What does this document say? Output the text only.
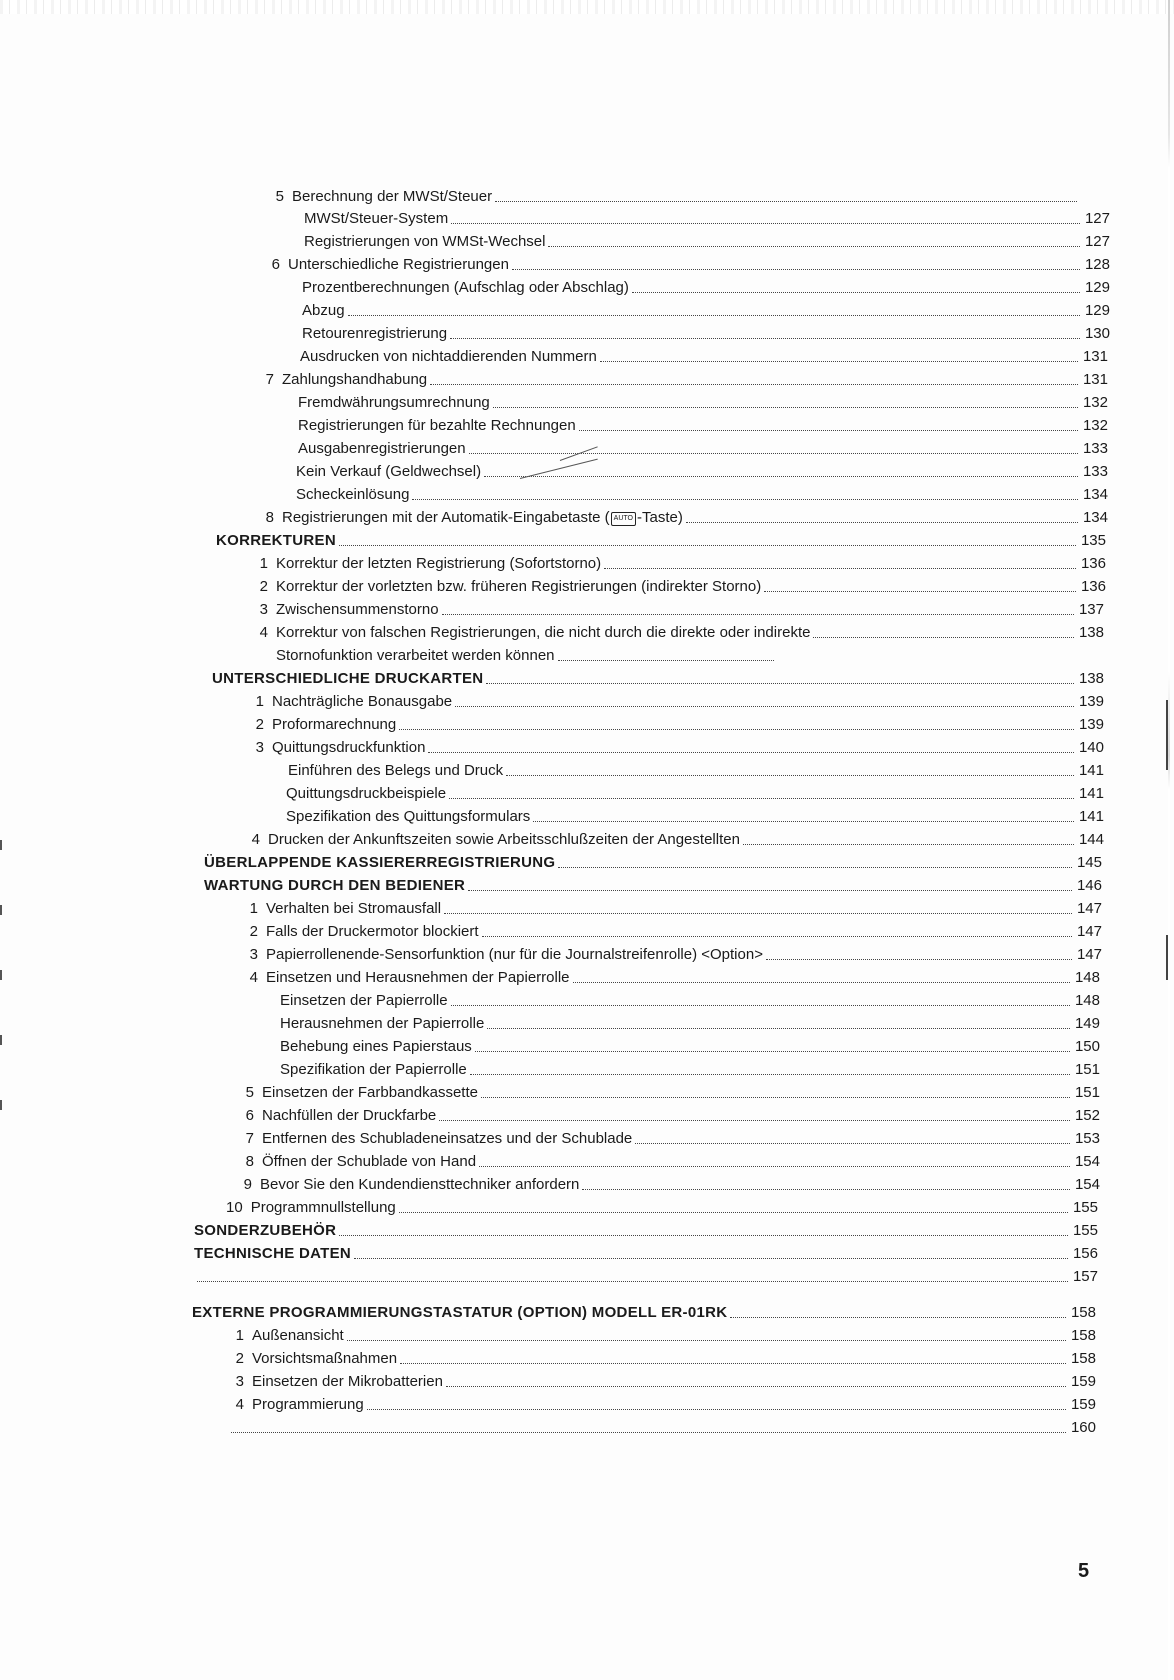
5 Berechnung der MWSt/Steuer
MWSt/Steuer-System	127
Registrierungen von WMSt-Wechsel	127
6 Unterschiedliche Registrierungen	128
Prozentberechnungen (Aufschlag oder Abschlag)	129
Abzug	129
Retourenregistrierung	130
Ausdrucken von nichtaddierenden Nummern	131
7 Zahlungshandhabung	131
Fremdwährungsumrechnung	132
Registrierungen für bezahlte Rechnungen	132
Ausgabenregistrierungen	133
Kein Verkauf (Geldwechsel)	133
Scheckeinlösung	134
8 Registrierungen mit der Automatik-Eingabetaste ( AUTO -Taste)	134
KORREKTUREN	135
1 Korrektur der letzten Registrierung (Sofortstorno)	136
2 Korrektur der vorletzten bzw. früheren Registrierungen (indirekter Storno)	136
3 Zwischensummenstorno	137
4 Korrektur von falschen Registrierungen, die nicht durch die direkte oder indirekte	138
Stornofunktion verarbeitet werden können
UNTERSCHIEDLICHE DRUCKARTEN	138
1 Nachträgliche Bonausgabe	139
2 Proformarechnung	139
3 Quittungsdruckfunktion	140
Einführen des Belegs und Druck	141
Quittungsdruckbeispiele	141
Spezifikation des Quittungsformulars	141
4 Drucken der Ankunftszeiten sowie Arbeitsschlußzeiten der Angestellten	144
ÜBERLAPPENDE KASSIERERREGISTRIERUNG	145
WARTUNG DURCH DEN BEDIENER	146
1 Verhalten bei Stromausfall	147
2 Falls der Druckermotor blockiert	147
3 Papierrollenende-Sensorfunktion (nur für die Journalstreifenrolle) <Option>	147
4 Einsetzen und Herausnehmen der Papierrolle	148
Einsetzen der Papierrolle	148
Herausnehmen der Papierrolle	149
Behebung eines Papierstaus	150
Spezifikation der Papierrolle	151
5 Einsetzen der Farbbandkassette	151
6 Nachfüllen der Druckfarbe	152
7 Entfernen des Schubladeneinsatzes und der Schublade	153
8 Öffnen der Schublade von Hand	154
9 Bevor Sie den Kundendiensttechniker anfordern	154
10 Programmnullstellung	155
SONDERZUBEHÖR	155
TECHNISCHE DATEN	156
157
EXTERNE PROGRAMMIERUNGSTASTATUR (OPTION) MODELL ER-01RK	158
1 Außenansicht	158
2 Vorsichtsmaßnahmen	158
3 Einsetzen der Mikrobatterien	159
4 Programmierung	159
160
5
